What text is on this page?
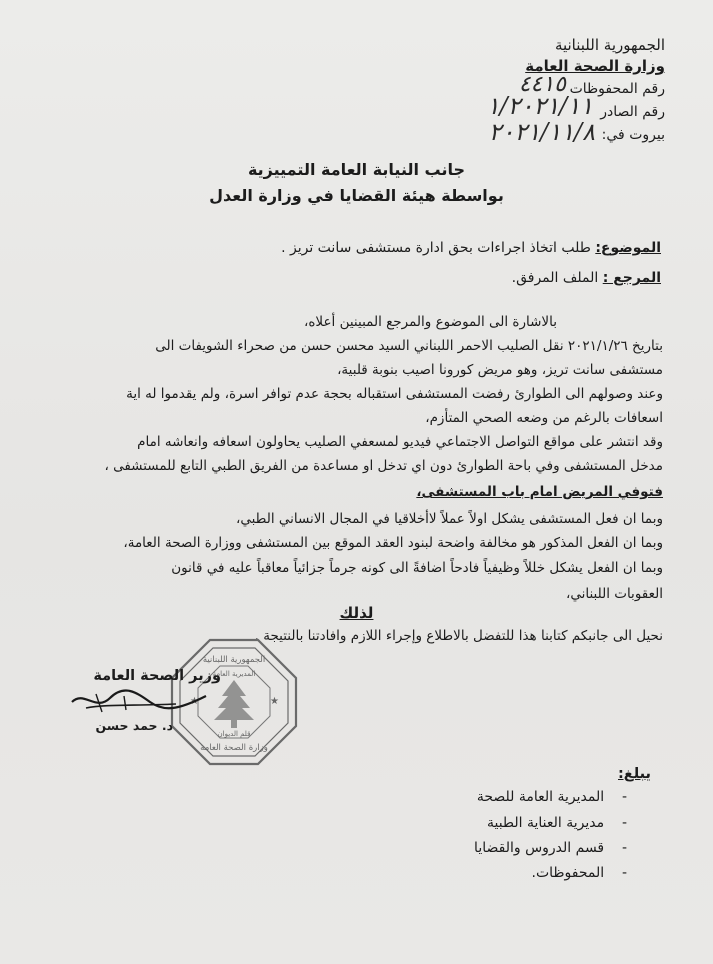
الجمهورية اللبنانية
وزارة الصحة العامة
رقم المحفوظات
٤٤١٥
رقم الصادر
١/٢٠٢١/١١
بيروت في:
٢٠٢١/١١/٨
جانب النيابة العامة التمييزية
بواسطة هيئة القضايا في وزارة العدل
الموضوع: طلب اتخاذ اجراءات بحق ادارة مستشفى سانت تريز .
المرجع : الملف المرفق.
بالاشارة الى الموضوع والمرجع المبينين أعلاه،
بتاريخ ٢٠٢١/١/٢٦ نقل الصليب الاحمر اللبناني السيد محسن حسن من صحراء الشويفات الى
مستشفى سانت تريز، وهو مريض كورونا اصيب بنوبة قلبية،
وعند وصولهم الى الطوارئ رفضت المستشفى استقباله بحجة عدم توافر اسرة، ولم يقدموا له اية
اسعافات بالرغم من وضعه الصحي المتأزم،
وقد انتشر على مواقع التواصل الاجتماعي فيديو لمسعفي الصليب يحاولون اسعافه وانعاشه امام
مدخل المستشفى وفي باحة الطوارئ دون اي تدخل او مساعدة من الفريق الطبي التابع للمستشفى ،
فتوفي المريض امام باب المستشفى،
وبما ان فعل المستشفى يشكل اولاً عملاً لاأخلاقيا في المجال الانساني الطبي،
وبما ان الفعل المذكور هو مخالفة واضحة لبنود العقد الموقع بين المستشفى ووزارة الصحة العامة،
وبما ان الفعل يشكل خللاً وظيفياً فادحاً اضافةً الى كونه جرماً جزائياً معاقباً عليه في قانون
العقوبات اللبناني،
لذلك
نحيل الى جانبكم كتابنا هذا للتفضل بالاطلاع وإجراء اللازم وافادتنا بالنتيجة .
الجمهورية اللبنانية
المديرية العامة
قلم الديوان
وزارة الصحة العامة
★	★
وزير الصحة العامة
د. حمد حسن
يبلغ:
-    المديرية العامة للصحة
-    مديرية العناية الطبية
-    قسم الدروس والقضايا
-    المحفوظات.
